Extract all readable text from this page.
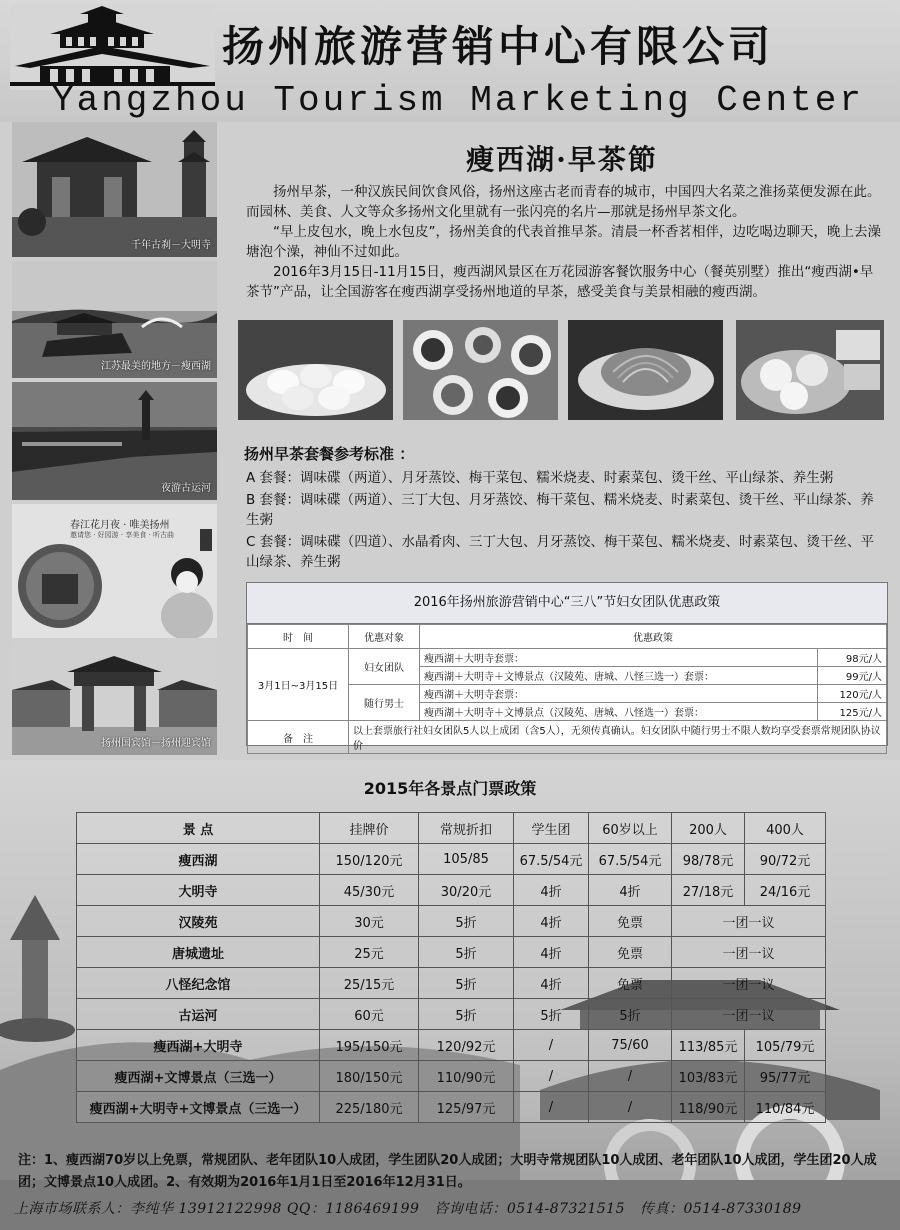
扬州旅游营销中心有限公司
Yangzhou Tourism Marketing Center
千年古刹－大明寺
江苏最美的地方－瘦西湖
夜游古运河
春江花月夜 · 唯美扬州
邀请您 · 好园游 · 享美食 · 听古曲
扬州国宾馆－扬州迎宾馆
瘦西湖·早茶節

扬州早茶，一种汉族民间饮食风俗，扬州这座古老而青春的城市，中国四大名菜之淮扬菜便发源在此。而园林、美食、人文等众多扬州文化里就有一张闪亮的名片—那就是扬州早茶文化。

“早上皮包水，晚上水包皮”，扬州美食的代表首推早茶。清晨一杯香茗相伴，边吃喝边聊天，晚上去澡塘泡个澡，神仙不过如此。

2016年3月15日-11月15日，瘦西湖风景区在万花园游客餐饮服务中心（餐英别墅）推出“瘦西湖•早茶节”产品，让全国游客在瘦西湖享受扬州地道的早茶，感受美食与美景相融的瘦西湖。

扬州早茶套餐参考标准 ：

A 套餐：调味碟（两道）、月牙蒸饺、梅干菜包、糯米烧麦、时素菜包、烫干丝、平山绿茶、养生粥

B 套餐：调味碟（两道）、三丁大包、月牙蒸饺、梅干菜包、糯米烧麦、时素菜包、烫干丝、平山绿茶、养生粥

C 套餐：调味碟（四道）、水晶肴肉、三丁大包、月牙蒸饺、梅干菜包、糯米烧麦、时素菜包、烫干丝、平山绿茶、养生粥

2016年扬州旅游营销中心“三八”节妇女团队优惠政策
时　间	优惠对象	优惠政策	
3月1日~3月15日	妇女团队	瘦西湖＋大明寺套票：	98元/人
		瘦西湖＋大明寺＋文博景点（汉陵苑、唐城、八怪三选一）套票：	99元/人
	随行男士	瘦西湖＋大明寺套票：	120元/人
		瘦西湖＋大明寺＋文博景点（汉陵苑、唐城、八怪选一）套票：	125元/人
备　注	以上套票旅行社妇女团队5人以上成团（含5人），无须传真确认。妇女团队中随行男士不限人数均享受套票常规团队协议价		
2015年各景点门票政策
景 点	挂牌价	常规折扣	学生团	60岁以上	200人	400人
瘦西湖	150/120元	105/85	67.5/54元	67.5/54元	98/78元	90/72元
大明寺	45/30元	30/20元	4折	4折	27/18元	24/16元
汉陵苑	30元	5折	4折	免票	一团一议	
唐城遗址	25元	5折	4折	免票	一团一议	
八怪纪念馆	25/15元	5折	4折	免票	一团一议	
古运河	60元	5折	5折	5折	一团一议	
瘦西湖+大明寺	195/150元	120/92元	/	75/60	113/85元	105/79元
瘦西湖+文博景点（三选一）	180/150元	110/90元	/	/	103/83元	95/77元
瘦西湖+大明寺+文博景点（三选一）	225/180元	125/97元	/	/	118/90元	110/84元
注：1、瘦西湖70岁以上免票，常规团队、老年团队10人成团，学生团队20人成团；大明寺常规团队10人成团、老年团队10人成团，学生团20人成团；文博景点10人成团。2、有效期为2016年1月1日至2016年12月31日。
上海市场联系人：李纯华 13912122998 QQ：1186469199 咨询电话：0514-87321515 传真：0514-87330189
